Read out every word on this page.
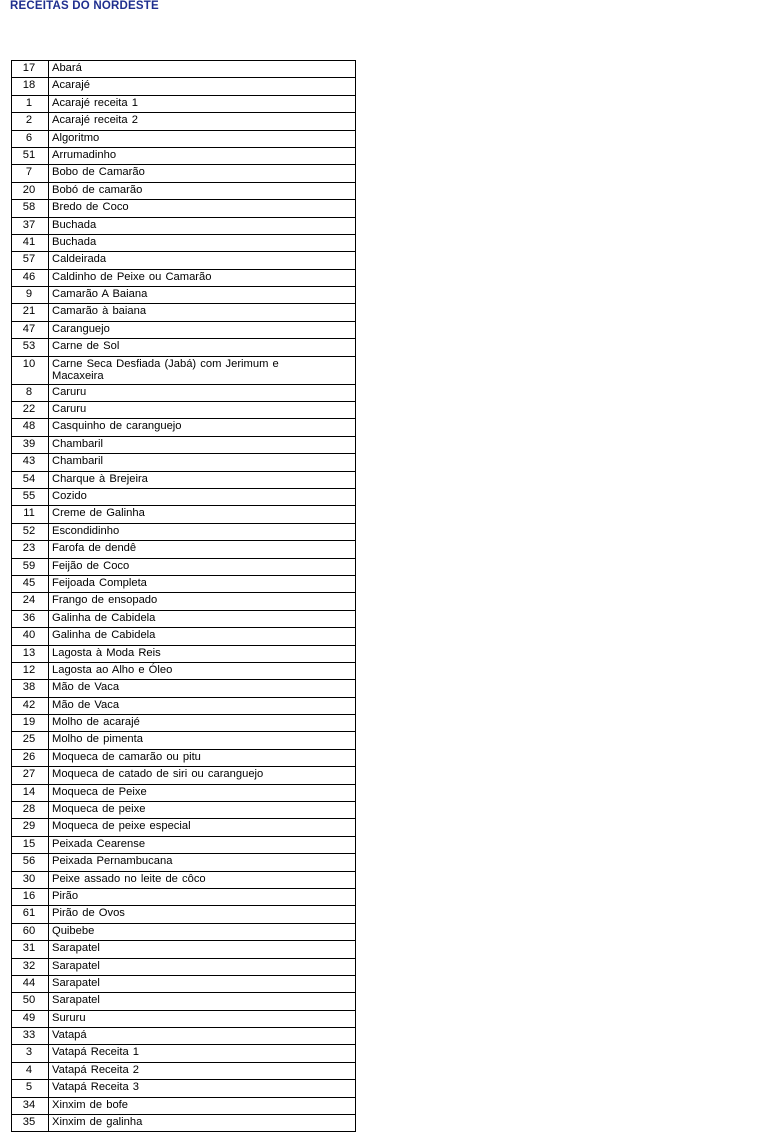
RECEITAS DO NORDESTE
17	Abará
18	Acarajé
1	Acarajé receita 1
2	Acarajé receita 2
6	Algoritmo
51	Arrumadinho
7	Bobo de Camarão
20	Bobó de camarão
58	Bredo de Coco
37	Buchada
41	Buchada
57	Caldeirada
46	Caldinho de Peixe ou Camarão
9	Camarão A Baiana
21	Camarão à baiana
47	Caranguejo
53	Carne de Sol
10	Carne Seca Desfiada (Jabá) com Jerimum e Macaxeira
8	Caruru
22	Caruru
48	Casquinho de caranguejo
39	Chambaril
43	Chambaril
54	Charque à Brejeira
55	Cozido
11	Creme de Galinha
52	Escondidinho
23	Farofa de dendê
59	Feijão de Coco
45	Feijoada Completa
24	Frango de ensopado
36	Galinha de Cabidela
40	Galinha de Cabidela
13	Lagosta à Moda Reis
12	Lagosta ao Alho e Óleo
38	Mão de Vaca
42	Mão de Vaca
19	Molho de acarajé
25	Molho de pimenta
26	Moqueca de camarão ou pitu
27	Moqueca de catado de siri ou caranguejo
14	Moqueca de Peixe
28	Moqueca de peixe
29	Moqueca de peixe especial
15	Peixada Cearense
56	Peixada Pernambucana
30	Peixe assado no leite de côco
16	Pirão
61	Pirão de Ovos
60	Quibebe
31	Sarapatel
32	Sarapatel
44	Sarapatel
50	Sarapatel
49	Sururu
33	Vatapá
3	Vatapá Receita 1
4	Vatapá Receita 2
5	Vatapá Receita 3
34	Xinxim de bofe
35	Xinxim de galinha
